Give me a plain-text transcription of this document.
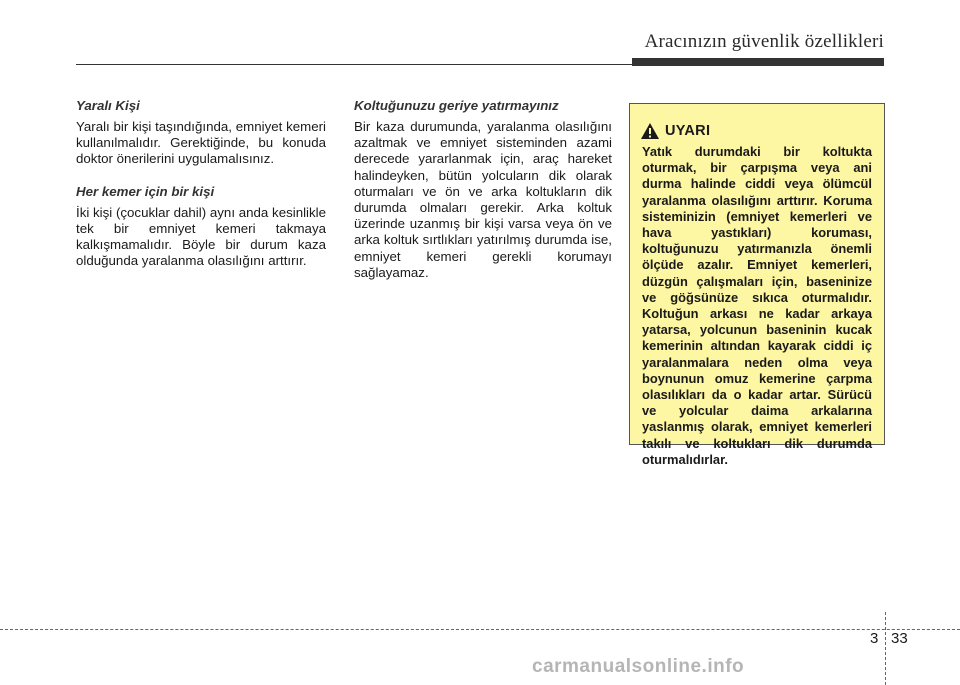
Aracınızın güvenlik özellikleri

Yaralı Kişi

Yaralı bir kişi taşındığında, emniyet kemeri kullanılmalıdır. Gerektiğinde, bu konuda doktor önerilerini uygulamalısınız.

Her kemer için bir kişi

İki kişi (çocuklar dahil) aynı anda kesinlikle tek bir emniyet kemeri takmaya kalkışmamalıdır. Böyle bir durum kaza olduğunda yaralanma olasılığını arttırır.

Koltuğunuzu geriye yatırmayınız

Bir kaza durumunda, yaralanma olasılığını azaltmak ve emniyet sisteminden azami derecede yararlanmak için, araç hareket halindeyken, bütün yolcuların dik olarak oturmaları ve ön ve arka koltukların dik durumda olmaları gerekir. Arka koltuk üzerinde uzanmış bir kişi varsa veya ön ve arka koltuk sırtlıkları yatırılmış durumda ise, emniyet kemeri gerekli korumayı sağlayamaz.

UYARI

Yatık durumdaki bir koltukta oturmak, bir çarpışma veya ani durma halinde ciddi veya ölümcül yaralanma olasılığını arttırır. Koruma sisteminizin (emniyet kemerleri ve hava yastıkları) koruması, koltuğunuzu yatırmanızla önemli ölçüde azalır. Emniyet kemerleri, düzgün çalışmaları için, baseninize ve göğsünüze sıkıca oturmalıdır. Koltuğun arkası ne kadar arkaya yatarsa, yolcunun baseninin kucak kemerinin altından kayarak ciddi iç yaralanmalara neden olma veya boynunun omuz kemerine çarpma olasılıkları da o kadar artar. Sürücü ve yolcular daima arkalarına yaslanmış olarak, emniyet kemerleri takılı ve koltukları dik durumda oturmalıdırlar.

3 33
carmanualsonline.info
